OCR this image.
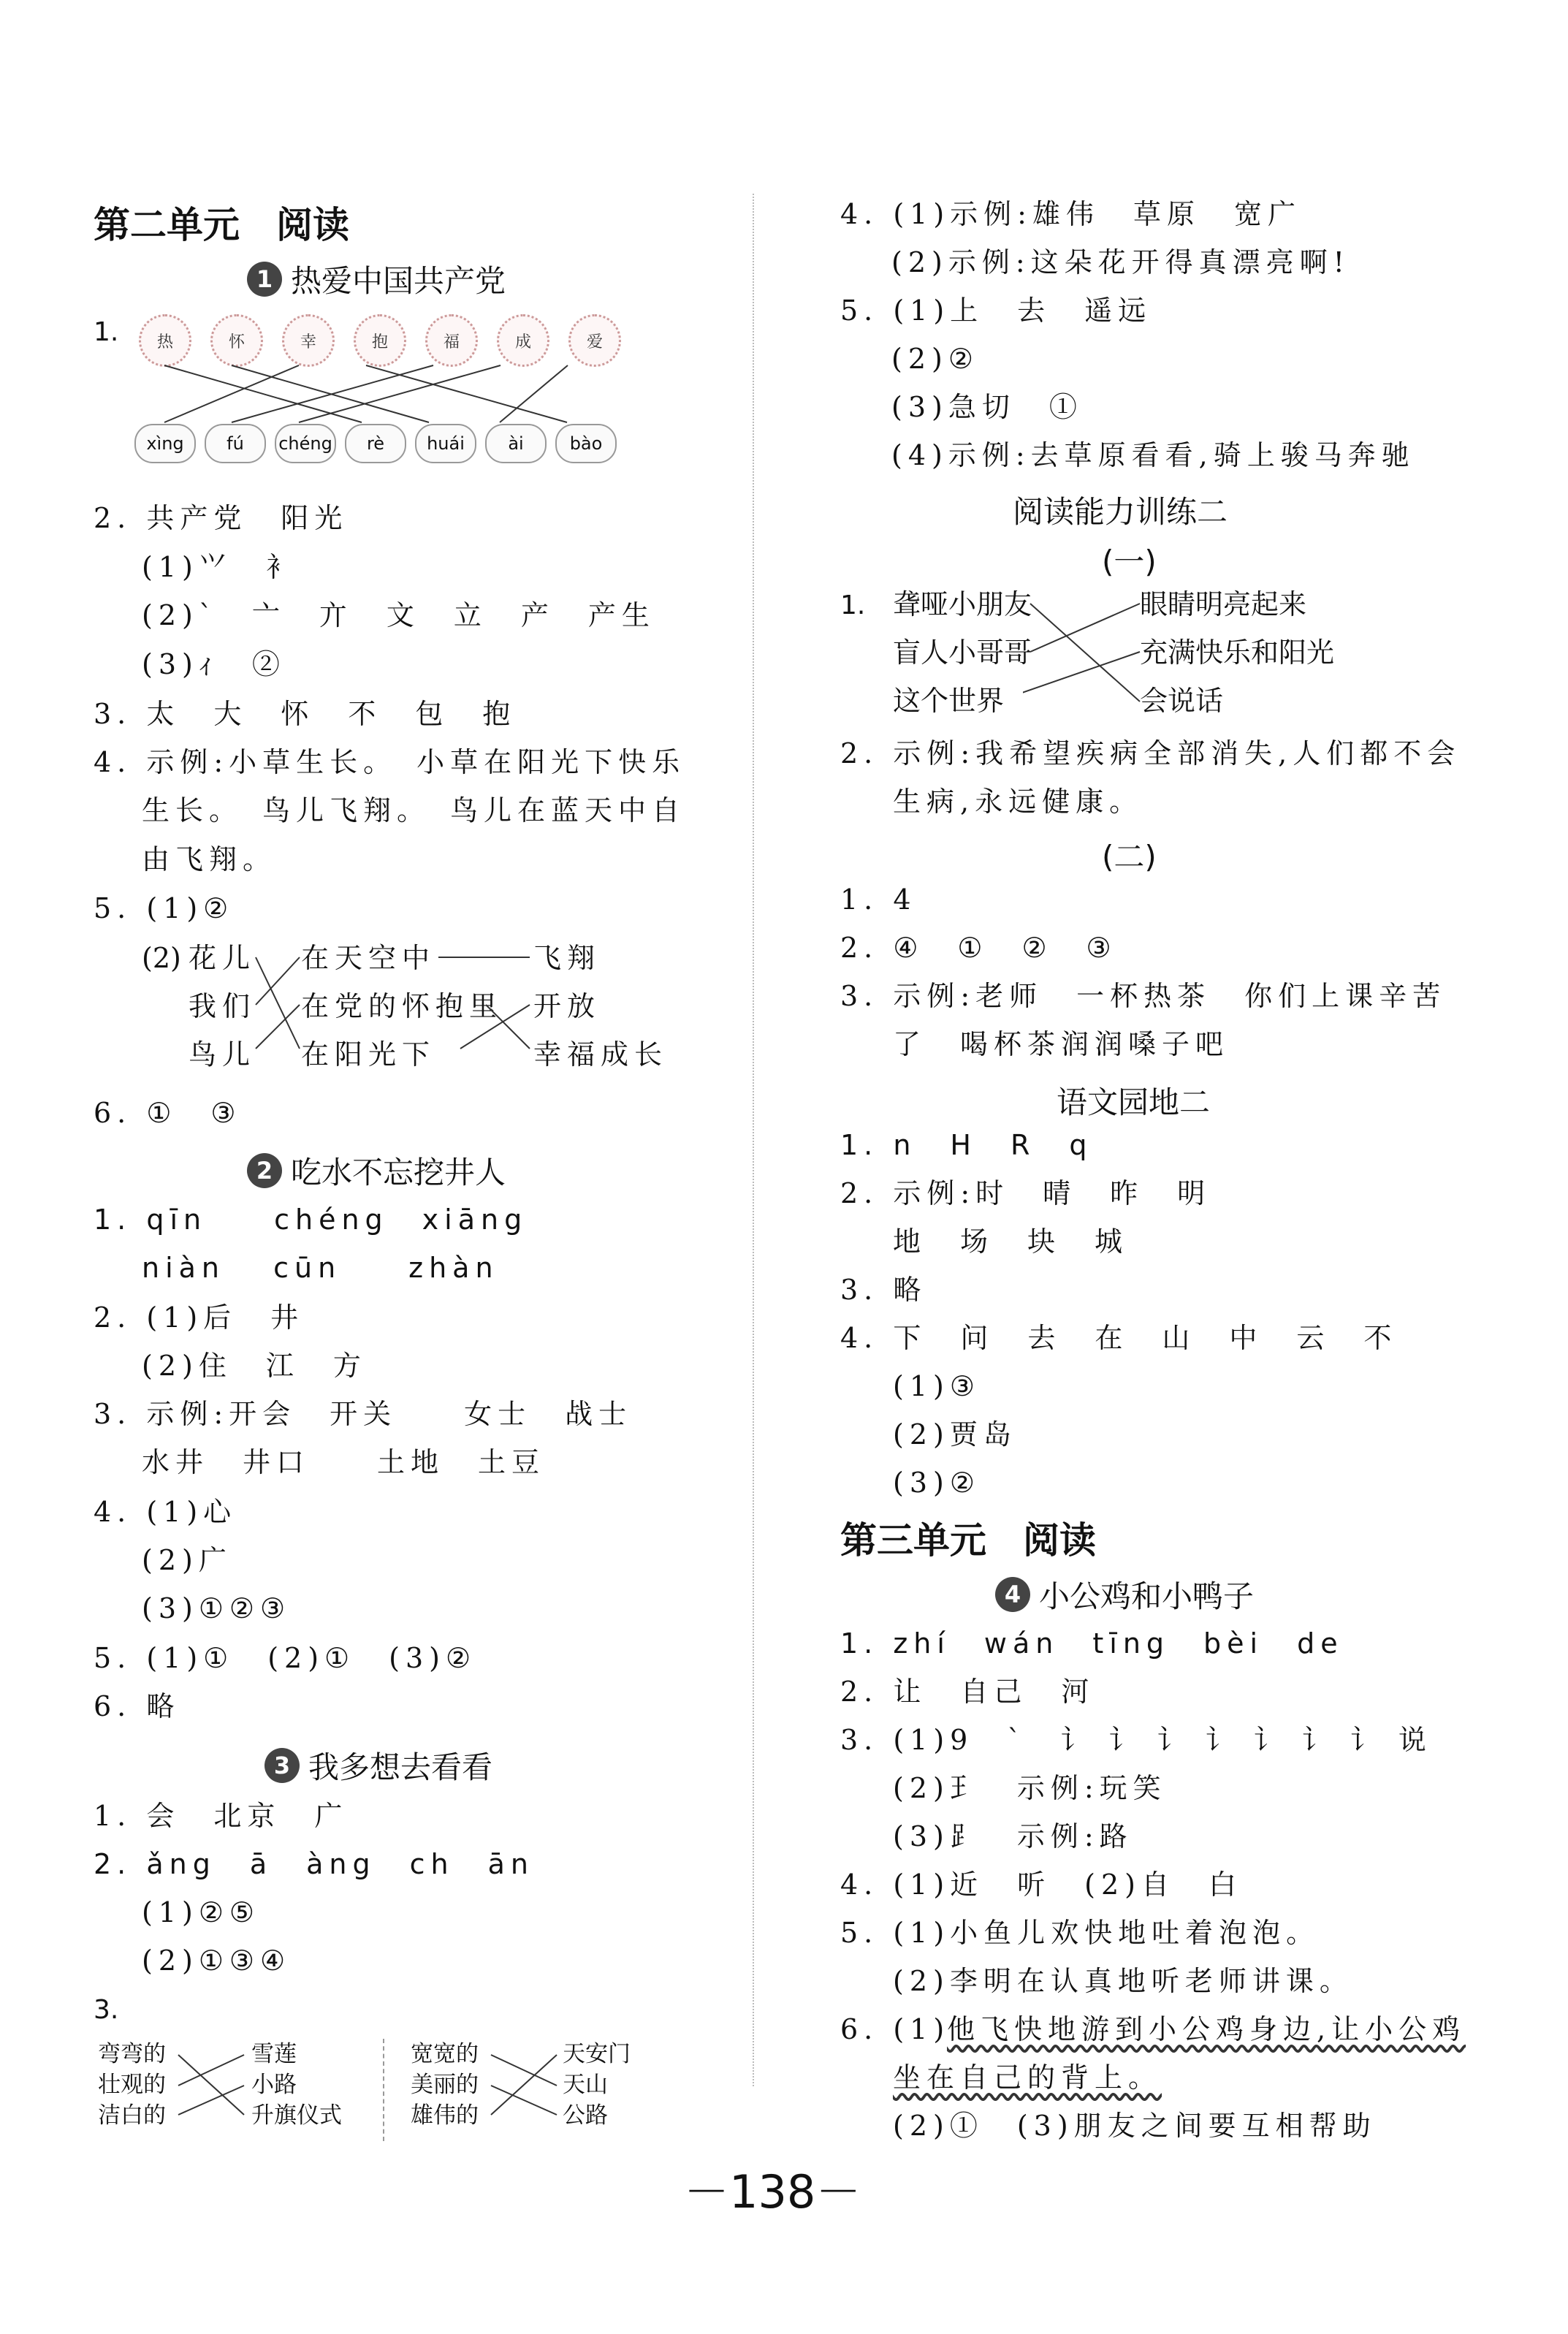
第二单元　阅读
1 热爱中国共产党
1.	热	怀	幸	抱	福	成	爱
xìng	fú	chéng	rè	huái	ài	bào
2. 共产党　阳光
(1)⺍　衤
(2)`　亠　亣　文　立　产　产生
(3)ｨ　②
3. 太　大　怀　不　包　抱
4. 示例:小草生长。　小草在阳光下快乐
生长。　鸟儿飞翔。　鸟儿在蓝天中自
由飞翔。
5. (1)②
(2) 花儿
我们
鸟儿
在天空中
在党的怀抱里
在阳光下
飞翔
开放
幸福成长
6. ①　③
2 吃水不忘挖井人
1. qīn　　chéng　xiāng
niàn　 cūn　　zhàn
2. (1)后　井
(2)住　江　方
3. 示例:开会　开关　　女士　战士
水井　井口　　土地　土豆
4. (1)心
(2)广
(3)①②③
5. (1)①　(2)①　(3)②
6. 略
3 我多想去看看
1. 会　北京　广
2. ǎng　ā　àng　ch　ān
(1)②⑤
(2)①③④
3.
弯弯的
壮观的
洁白的
雪莲
小路
升旗仪式
宽宽的
美丽的
雄伟的
天安门
天山
公路
4. (1)示例:雄伟　草原　宽广
(2)示例:这朵花开得真漂亮啊!
5. (1)上　去　遥远
(2)②
(3)急切　①
(4)示例:去草原看看,骑上骏马奔驰
阅读能力训练二
(一)
1. 聋哑小朋友
盲人小哥哥
这个世界
眼睛明亮起来
充满快乐和阳光
会说话
2. 示例:我希望疾病全部消失,人们都不会
生病,永远健康。
(二)
1. 4
2. ④　①　②　③
3. 示例:老师　一杯热茶　你们上课辛苦
了　喝杯茶润润嗓子吧
语文园地二
1. n　H　R　q
2. 示例:时　晴　昨　明
地　场　块　城
3. 略
4. 下　问　去　在　山　中　云　不
(1)③
(2)贾岛
(3)②
第三单元　阅读
4 小公鸡和小鸭子
1. zhí　wán　tīng　bèi　de
2. 让　自己　河
3. (1)9　`　讠 讠 讠 讠 讠 讠 讠 说
(2)𤣩　示例:玩笑
(3)⻊　示例:路
4. (1)近　听　(2)自　白
5. (1)小鱼儿欢快地吐着泡泡。
(2)李明在认真地听老师讲课。
6. (1)
他飞快地游到小公鸡身边,让小公鸡
坐在自己的背上。
(2)①　(3)朋友之间要互相帮助
－138－
